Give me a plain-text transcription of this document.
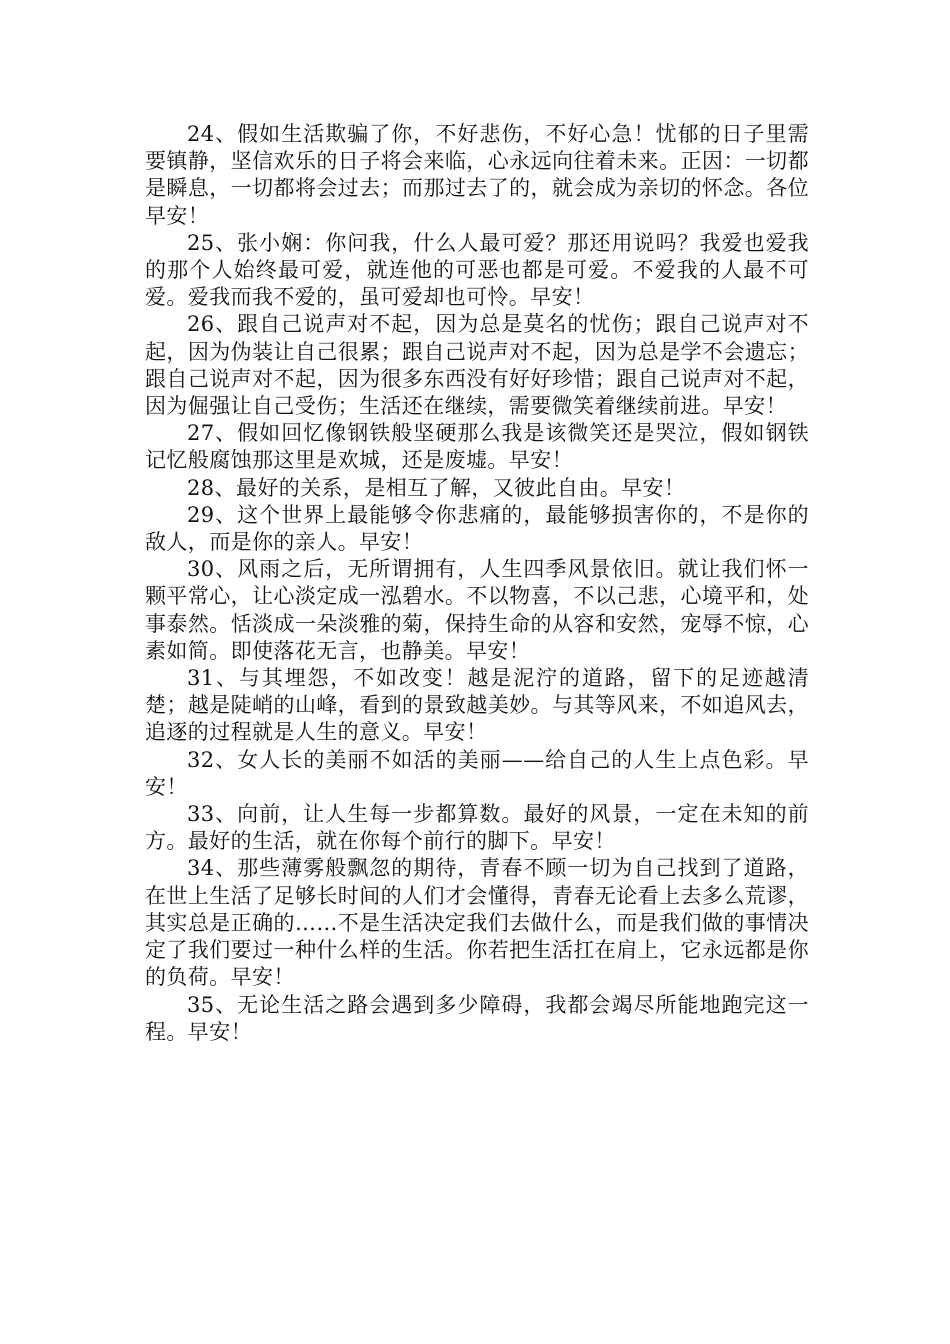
24、假如生活欺骗了你，不好悲伤，不好心急！忧郁的日子里需要镇静，坚信欢乐的日子将会来临，心永远向往着未来。正因：一切都是瞬息，一切都将会过去；而那过去了的，就会成为亲切的怀念。各位早安！

25、张小娴：你问我，什么人最可爱？那还用说吗？我爱也爱我的那个人始终最可爱，就连他的可恶也都是可爱。不爱我的人最不可爱。爱我而我不爱的，虽可爱却也可怜。早安！

26、跟自己说声对不起，因为总是莫名的忧伤；跟自己说声对不起，因为伪装让自己很累；跟自己说声对不起，因为总是学不会遗忘；跟自己说声对不起，因为很多东西没有好好珍惜；跟自己说声对不起，因为倔强让自己受伤；生活还在继续，需要微笑着继续前进。早安！

27、假如回忆像钢铁般坚硬那么我是该微笑还是哭泣，假如钢铁记忆般腐蚀那这里是欢城，还是废墟。早安！

28、最好的关系，是相互了解，又彼此自由。早安！

29、这个世界上最能够令你悲痛的，最能够损害你的，不是你的敌人，而是你的亲人。早安！

30、风雨之后，无所谓拥有，人生四季风景依旧。就让我们怀一颗平常心，让心淡定成一泓碧水。不以物喜，不以己悲，心境平和，处事泰然。恬淡成一朵淡雅的菊，保持生命的从容和安然，宠辱不惊，心素如简。即使落花无言，也静美。早安！

31、与其埋怨，不如改变！越是泥泞的道路，留下的足迹越清楚；越是陡峭的山峰，看到的景致越美妙。与其等风来，不如追风去，追逐的过程就是人生的意义。早安！

32、女人长的美丽不如活的美丽——给自己的人生上点色彩。早安！

33、向前，让人生每一步都算数。最好的风景，一定在未知的前方。最好的生活，就在你每个前行的脚下。早安！

34、那些薄雾般飘忽的期待，青春不顾一切为自己找到了道路，在世上生活了足够长时间的人们才会懂得，青春无论看上去多么荒谬，其实总是正确的……不是生活决定我们去做什么，而是我们做的事情决定了我们要过一种什么样的生活。你若把生活扛在肩上，它永远都是你的负荷。早安！

35、无论生活之路会遇到多少障碍，我都会竭尽所能地跑完这一程。早安！
